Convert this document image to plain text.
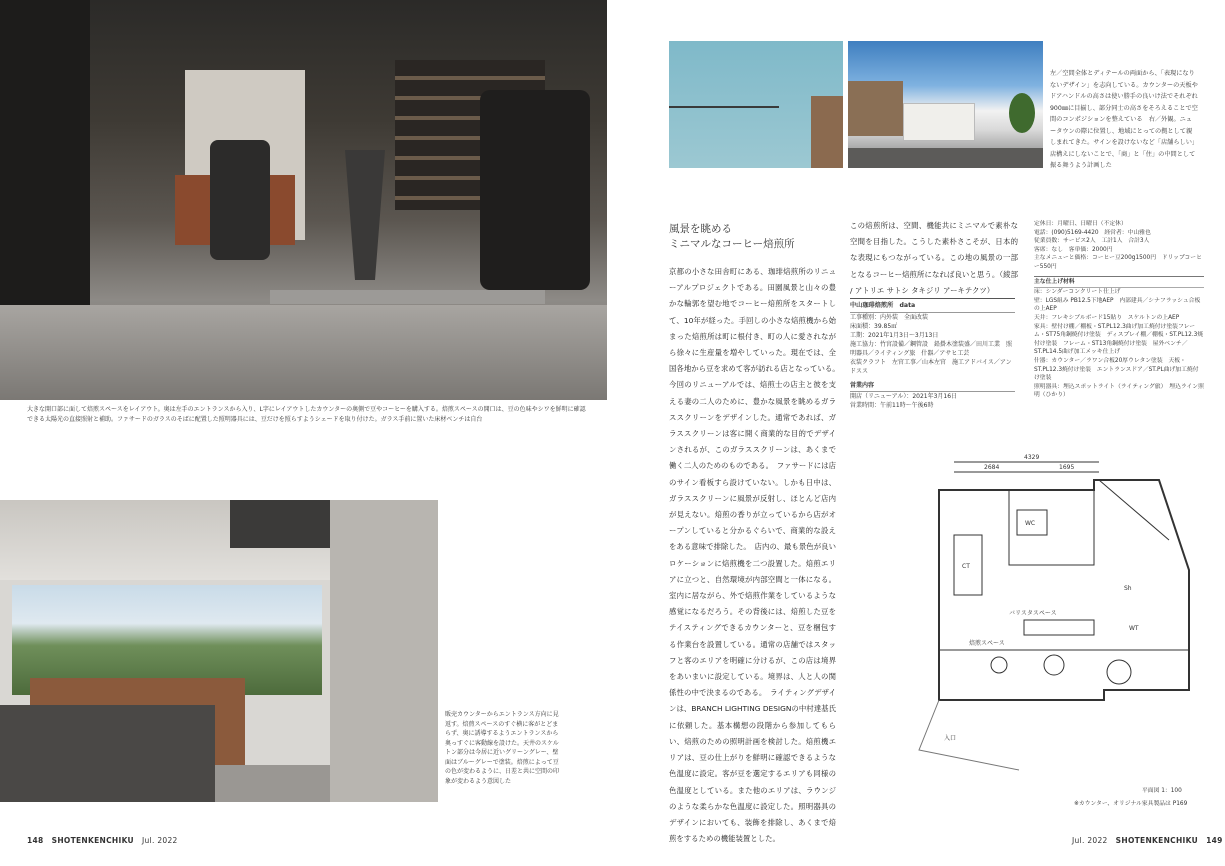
大きな開口部に面して焙煎スペースをレイアウト。奥は左手のエントランスから入り、L字にレイアウトしたカウンターの奥側で豆やコーヒーを購入する。焙煎スペースの開口は、豆の色味やシワを鮮明に確認できる太陽光の直接照射と補助。ファサードのガラスのそばに配置した照明器具には、豆だけを照らすようシェードを取り付けた。ガラス手前に置いた床材ベンチは自台
販売カウンターからエントランス方向に見返す。焙煎スペースのすぐ横に客がとどまらず、奥に誘導するようエントランスから奥っすぐに客動線を設けた。天井のスケルトン部分は今居に近いグリーングレー、壁面はブルーグレーで塗装。焙煎によって豆の色が変わるように、日差と共に空間の印象が変わるよう意図した
148 SHOTENKENCHIKU Jul. 2022
左／空間全体とディテールの両面から、「表現になりないデザイン」を志向している。カウンターの天板やドアハンドルの高さは使い勝手の良いけ法でそれぞれ900㎜に目揃し、部分同士の高さをそろえることで空間のコンポジションを整えている　右／外観。ニュータウンの際に位置し、地域にとっての拠として親しまれてきた。サインを設けないなど「店舗らしい」店構えにしないことで、「商」と「住」の中間として振る舞うよう計画した
風景を眺める
ミニマルなコーヒー焙煎所
京都の小さな田舎町にある、珈琲焙煎所のリニューアルプロジェクトである。田園風景と山々の豊かな輪郭を望む地でコーヒー焙煎所をスタートして、10年が経った。手回しの小さな焙煎機から始まった焙煎所は町に根付き、町の人に愛されながら徐々に生産量を増やしていった。現在では、全国各地から豆を求めて客が訪れる店となっている。　今回のリニューアルでは、焙煎士の店主と彼を支える妻の二人のために、豊かな風景を眺めるガラススクリーンをデザインした。通常であれば、ガラススクリーンは客に開く商業的な目的でデザインされるが、このガラススクリーンは、あくまで働く二人のためのものである。　ファサードには店のサイン看板すら設けていない。しかも日中は、ガラススクリーンに風景が反射し、ほとんど店内が見えない。焙煎の香りが立っているから店がオープンしていると分かるぐらいで、商業的な設えをある意味で排除した。　店内の、最も景色が良いロケーションに焙煎機を二つ設置した。焙煎エリアに立つと、自然環境が内部空間と一体になる。室内に居ながら、外で焙煎作業をしているような感覚になるだろう。その背後には、焙煎した豆をテイスティングできるカウンターと、豆を梱包する作業台を設置している。通常の店舗ではスタッフと客のエリアを明確に分けるが、この店は境界をあいまいに設定している。境界は、人と人の関係性の中で決まるのである。　ライティングデザインは、BRANCH LIGHTING DESIGNの中村達基氏に依頼した。基本構想の段階から参加してもらい、焙煎のための照明計画を検討した。焙煎機エリアは、豆の仕上がりを鮮明に確認できるような色温度に設定。客が豆を選定するエリアも同様の色温度としている。また他のエリアは、ラウンジのような柔らかな色温度に設定した。照明器具のデザインにおいても、装飾を排除し、あくまで焙煎をするための機能装置とした。
この焙煎所は、空間、機能共にミニマルで素朴な空間を目指した。こうした素朴さこそが、日本的な表現にもつながっている。この地の風景の一部となるコーヒー焙煎所になれば良いと思う。（綾部 / アトリエ サトシ タキジリ アーキテクツ）
中山珈琲焙煎所　data
工事種別：内外装　全面改装
床面積：39.85㎡
工期：2021年1月3日〜3月13日
施工協力：竹宮設備／鋼管設　鉛掛木塗装盛／田川工業　照明器具／ライティング旅　什器／アサヒ工芸
衣装クラフト　左官工事／山本左官　施工アドバイス／アンドスス
営業内容
開店（リニューアル）：2021年3月16日
営業時間：午前11時〜午後6時
定休日：月曜日、日曜日（不定休）
電話：(090)5169-4420　経営者：中山雅也
従業員数：サービス2人　工計1人　合計3人
客席：なし　客単価：2000円
主なメニューと価格：コーヒー豆200g1500円　ドリップコーヒー550円
主な仕上げ材料
床：シンダーコンクリート仕上げ
壁：LGS組み PB12.5下地AEP　内部建具／シナフラッシュ合板の上AEP
天井：フレキシブルボード15貼り　スケルトンの上AEP
家具：壁付け棚／棚板・ST.PL12.3曲げ加工焼付け塗装フレーム・ST75角鋼焼付け塗装　ディスプレイ棚／棚板・ST.PL12.3焼付け塗装　フレーム・ST13角鋼焼付け塗装　屋外ベンチ／ST.PL14.5曲げ加工メッキ仕上げ
什器：カウンター／ラワン合板20厚ウレタン塗装　天板・ST.PL12.3焼付け塗装　エントランスドア／ST.PL曲げ加工焼付け塗装
照明器具：埋込スポットライト（ライティング旅）　埋込ライン照明（ひかり）
4329
2684	1695
WC
CT
Sh
WT
バリスタスペース
焙煎スペース
入口
平面図 1：100
※カウンター、オリジナル家具製品は P169
Jul. 2022 SHOTENKENCHIKU 149
